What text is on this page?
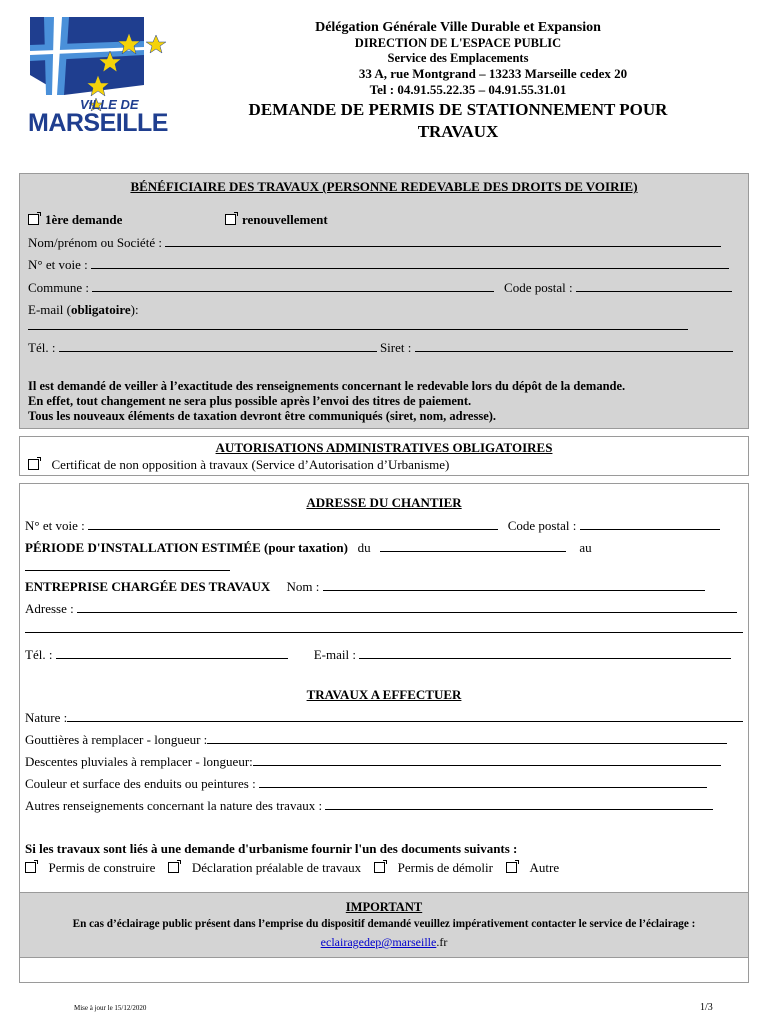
VILLE DE
MARSEILLE
Délégation Générale Ville Durable et Expansion
DIRECTION DE L'ESPACE PUBLIC
Service des Emplacements
33 A, rue Montgrand – 13233 Marseille cedex 20
Tel : 04.91.55.22.35 – 04.91.55.31.01
DEMANDE DE PERMIS DE STATIONNEMENT POUR
TRAVAUX
BÉNÉFICIAIRE DES TRAVAUX (PERSONNE REDEVABLE DES DROITS DE VOIRIE)
1ère demande	renouvellement
Nom/prénom ou Société :
N° et voie :
Commune :	Code postal :
E-mail (obligatoire):
Tél. :	Siret :
Il est demandé de veiller à l’exactitude des renseignements concernant le redevable lors du dépôt de la demande.
En effet, tout changement ne sera plus possible après l’envoi des titres de paiement.
Tous les nouveaux éléments de taxation devront être communiqués (siret, nom, adresse).
AUTORISATIONS ADMINISTRATIVES OBLIGATOIRES
Certificat de non opposition à travaux (Service d’Autorisation d’Urbanisme)
ADRESSE DU CHANTIER
N° et voie :	Code postal :
PÉRIODE D'INSTALLATION ESTIMÉE (pour taxation) du	au
ENTREPRISE CHARGÉE DES TRAVAUX Nom :
Adresse :
Tél. :	E-mail :
TRAVAUX A EFFECTUER
Nature :
Gouttières à remplacer - longueur :
Descentes pluviales à remplacer - longueur:
Couleur et surface des enduits ou peintures :
Autres renseignements concernant la nature des travaux :
Si les travaux sont liés à une demande d'urbanisme fournir l'un des documents suivants :
Permis de construire	Déclaration préalable de travaux	Permis de démolir	Autre
IMPORTANT
En cas d’éclairage public présent dans l’emprise du dispositif demandé veuillez impérativement contacter le service de l’éclairage :
eclairagedep@marseille.fr
Mise à jour le 15/12/2020	1/3
